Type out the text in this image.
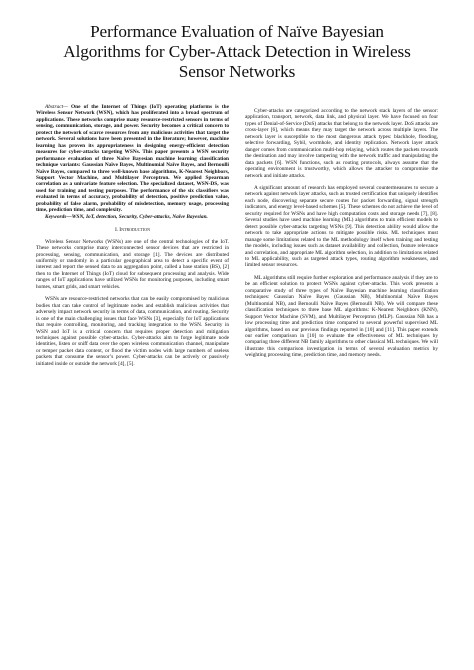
Performance Evaluation of Naïve Bayesian
Algorithms for Cyber-Attack Detection in Wireless
Sensor Networks

Abstract— One of the Internet of Things (IoT) operating platforms is the Wireless Sensor Network (WSN), which has proliferated into a broad spectrum of applications. These networks comprise many resource-restricted sensors in terms of sensing, communication, storage, and power. Security becomes a critical concern to protect the network of scarce resources from any malicious activities that target the network. Several solutions have been presented in the literature; however, machine learning has proven its appropriateness in designing energy-efficient detection measures for cyber-attacks targeting WSNs. This paper presents a WSN security performance evaluation of three Naïve Bayesian machine learning classification technique variants: Gaussian Naïve Bayes, Multinomial Naïve Bayes, and Bernoulli Naïve Bayes, compared to three well-known base algorithms, K-Nearest Neighbors, Support Vector Machine, and Multilayer Perceptron. We applied Spearman correlation as a univariate feature selection. The specialized dataset, WSN-DS, was used for training and testing purposes. The performance of the six classifiers was evaluated in terms of accuracy, probability of detection, positive prediction value, probability of false alarm, probability of misdetection, memory usage, processing time, prediction time, and complexity.

Keywords—WSN, IoT, detection, Security, Cyber-attacks, Naïve Bayesian.

I.Introduction

Wireless Sensor Networks (WSNs) are one of the central technologies of the IoT. These networks comprise many interconnected sensor devices that are restricted in processing, sensing, communication, and storage [1]. The devices are distributed uniformly or randomly in a particular geographical area to detect a specific event of interest and report the sensed data to an aggregation point, called a base station (BS), [2] then to the Internet of Things (IoT) cloud for subsequent processing and analysis. Wide ranges of IoT applications have utilized WSNs for monitoring purposes, including smart homes, smart grids, and smart vehicles.

WSNs are resource-restricted networks that can be easily compromised by malicious bodies that can take control of legitimate nodes and establish malicious activities that adversely impact network security in terms of data, communication, and routing. Security is one of the main challenging issues that face WSNs [3], especially for IoT applications that require controlling, monitoring, and tracking integration to the WSN. Security in WSN and IoT is a critical concern that requires proper detection and mitigation techniques against possible cyber-attacks. Cyber-attacks aim to forge legitimate node identities, listen or sniff data over the open wireless communication channel, manipulate or temper packet data content, or flood the victim nodes with large numbers of useless packets that consume the sensor’s power. Cyber-attacks can be actively or passively initiated inside or outside the network [4], [5].

Cyber-attacks are categorized according to the network stack layers of the sensor: application, transport, network, data link, and physical layer. We have focused on four types of Denial-of-Service (DoS) attacks that belong to the network layer. DoS attacks are cross-layer [6], which means they may target the network across multiple layers. The network layer is susceptible to the most dangerous attack types: blackhole, flooding, selective forwarding, Sybil, wormhole, and identity replication. Network layer attack danger comes from communication multi-hop relaying, which routes the packets towards the destination and may involve tampering with the network traffic and manipulating the data packets [6]. WSN functions, such as routing protocols, always assume that the operating environment is trustworthy, which allows the attacker to compromise the network and initiate attacks.

A significant amount of research has employed several countermeasures to secure a network against network layer attacks, such as trusted certification that uniquely identifies each node, discovering separate secure routes for packet forwarding, signal strength indicators, and energy level-based schemes [5]. These schemes do not achieve the level of security required for WSNs and have high computation costs and storage needs [7], [8]. Several studies have used machine learning (ML) algorithms to train efficient models to detect possible cyber-attacks targeting WSNs [9]. This detection ability would allow the network to take appropriate actions to mitigate possible risks. ML techniques must manage some limitations related to the ML methodology itself when training and testing the models, including issues such as dataset availability and collection, feature relevance and correlation, and appropriate ML algorithm selection, in addition to limitations related to ML applicability, such as targeted attack types, routing algorithm weaknesses, and limited sensor resources.

ML algorithms still require further exploration and performance analysis if they are to be an efficient solution to protect WSNs against cyber-attacks. This work presents a comparative study of three types of Naïve Bayesian machine learning classification techniques: Gaussian Naïve Bayes (Gaussian NB), Multinomial Naïve Bayes (Multinomial NB), and Bernoulli Naïve Bayes (Bernoulli NB). We will compare these classification techniques to three base ML algorithms: K-Nearest Neighbors (KNN), Support Vector Machine (SVM), and Multilayer Perceptron (MLP). Gaussian NB has a low processing time and prediction time compared to several powerful supervised ML algorithms, based on our previous findings reported in [10] and [11]. This paper extends our earlier comparison in [10] to evaluate the effectiveness of ML techniques by comparing three different NB family algorithms to other classical ML techniques. We will illustrate this comparison investigation in terms of several evaluation metrics by weighting processing time, prediction time, and memory needs.
